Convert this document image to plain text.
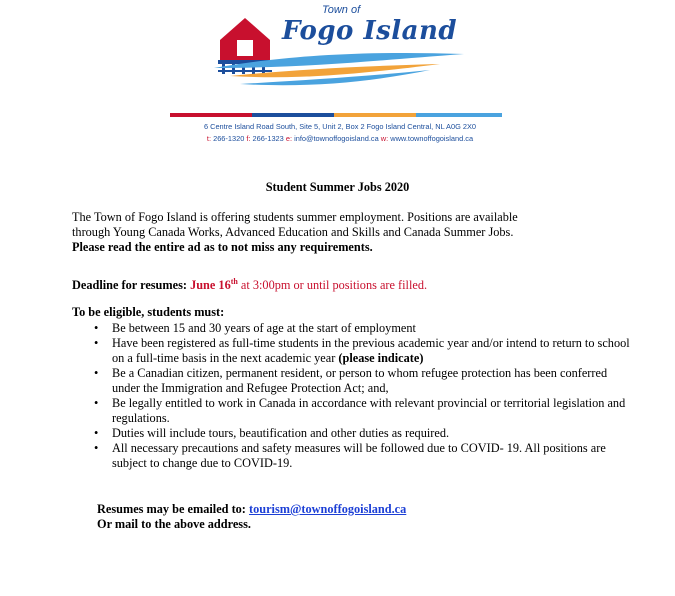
Town of
Fogo Island
6 Centre Island Road South, Site 5, Unit 2, Box 2 Fogo Island Central, NL A0G 2X0
t: 266-1320 f: 266-1323 e: info@townoffogoisland.ca w: www.townoffogoisland.ca
Student Summer Jobs 2020
The Town of Fogo Island is offering students summer employment. Positions are available
through Young Canada Works, Advanced Education and Skills and Canada Summer Jobs.
Please read the entire ad as to not miss any requirements.
Deadline for resumes: June 16th at 3:00pm or until positions are filled.
To be eligible, students must:
• Be between 15 and 30 years of age at the start of employment
• Have been registered as full-time students in the previous academic year and/or intend to return to school on a full-time basis in the next academic year (please indicate)
• Be a Canadian citizen, permanent resident, or person to whom refugee protection has been conferred under the Immigration and Refugee Protection Act; and,
• Be legally entitled to work in Canada in accordance with relevant provincial or territorial legislation and regulations.
• Duties will include tours, beautification and other duties as required.
• All necessary precautions and safety measures will be followed due to COVID- 19. All positions are subject to change due to COVID-19.
Resumes may be emailed to: tourism@townoffogoisland.ca
Or mail to the above address.
